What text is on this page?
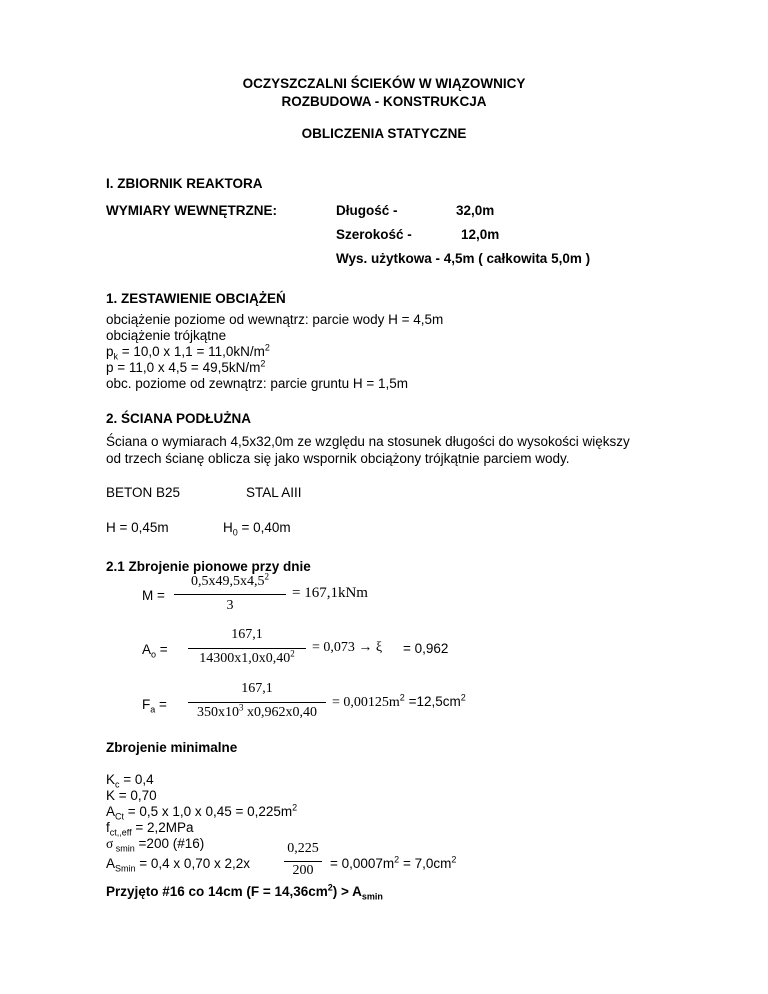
OCZYSZCZALNI ŚCIEKÓW W WIĄZOWNICY
ROZBUDOWA - KONSTRUKCJA
OBLICZENIA STATYCZNE
I. ZBIORNIK REAKTORA
WYMIARY WEWNĘTRZNE:	Długość -	32,0m
Szerokość -	12,0m
Wys. użytkowa - 4,5m ( całkowita 5,0m )
1. ZESTAWIENIE OBCIĄŻEŃ
obciążenie poziome od wewnątrz: parcie wody H = 4,5m
obciążenie trójkątne
$p_k = 10,0$ x $1,1 = 11,0kN/m^2$
p = 11,0 x $4,5 = 49,5kN/m^2$
obc. poziome od zewnątrz: parcie gruntu H = 1,5m
2. ŚCIANA PODŁUŻNA
Ściana o wymiarach 4,5x32,0m ze względu na stosunek długości do wysokości większy
od trzech ścianę oblicza się jako wspornik obciążony trójkątnie parciem wody.
BETON B25	STAL AIII
H = 0,45m	$H_0 = 0,40m$
2.1 Zbrojenie pionowe przy dnie
M =
$0,5x49,5x4,5^2$
3
= 167,1kNm
$A_o$ =
167,1
$14300x1,0x0,40^2$	= 0,073 → ξ = 0,962
$F_a$ =
167,1
$350x10^3$ x0,962x0,40
= $0,00125m^2 =12,5cm^2$
Zbrojenie minimalne
$K_c = 0,4$
K = 0,70
$A_{Ct} = 0,5$ x 1,0 x $0,45 = 0,225m^2$
$f_{ct,,eff} = 2,2MPa$
σ $_{smin}$ =200 (#16)
$A_{Smin} = 0,4$ x 0,70 x 2,2x
0,225
200	= $0,0007m^2 = 7,0cm^2$
Przyjęto #16 co 14cm $(F = 14,36cm^2) > A_{smin}$
